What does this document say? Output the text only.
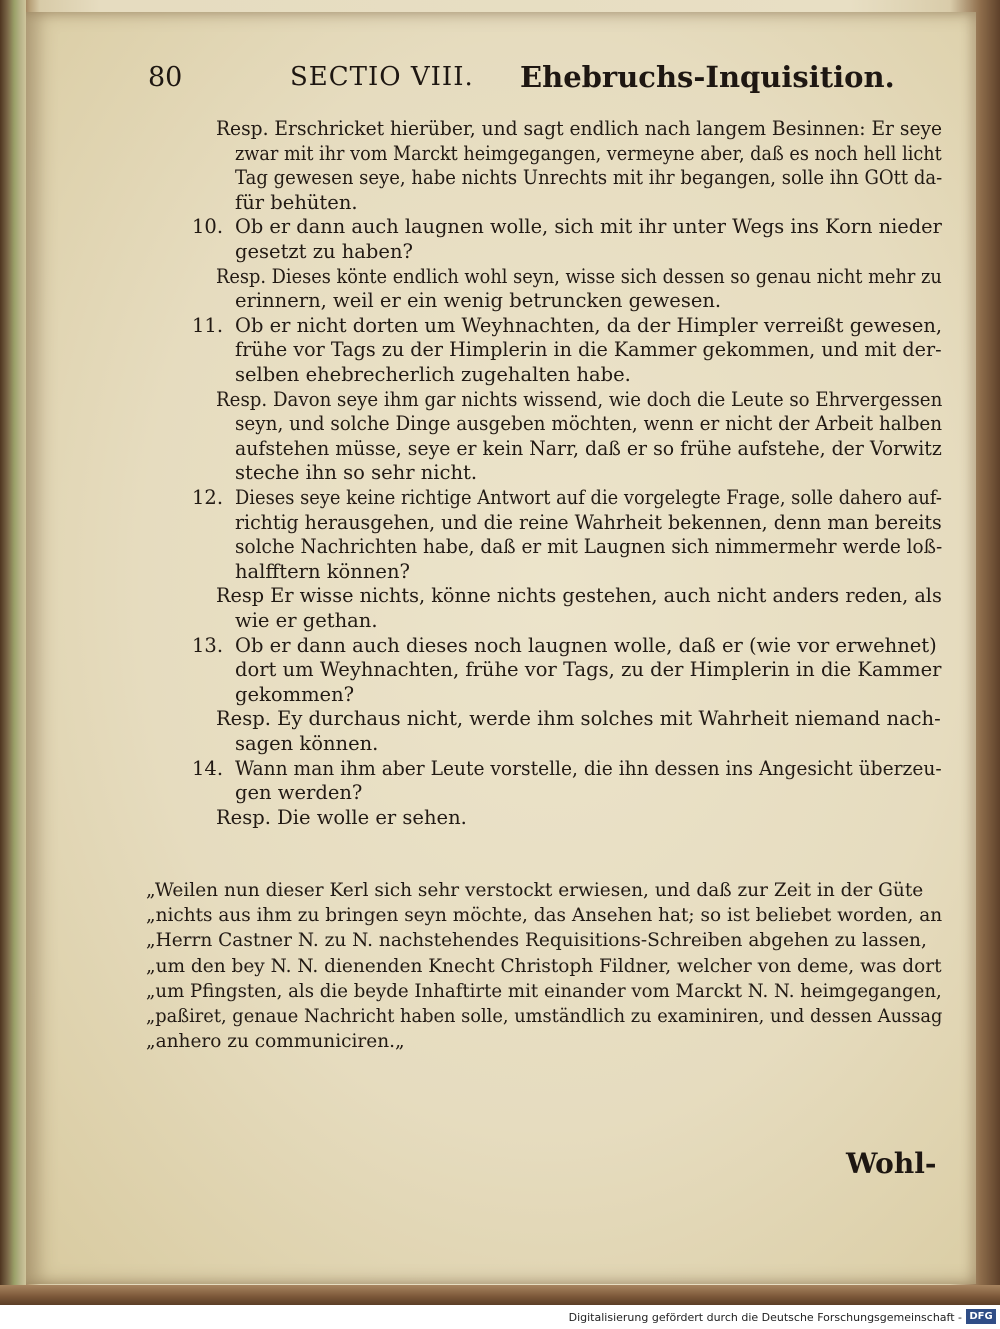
80	SECTIO VIII. Ehebruchs-Inquisition.
Resp. Erschricket hierüber, und sagt endlich nach langem Besinnen: Er seye
zwar mit ihr vom Marckt heimgegangen, vermeyne aber, daß es noch hell licht
Tag gewesen seye, habe nichts Unrechts mit ihr begangen, solle ihn GOtt da-
für behüten.
10. Ob er dann auch laugnen wolle, sich mit ihr unter Wegs ins Korn nieder
gesetzt zu haben?
Resp. Dieses könte endlich wohl seyn, wisse sich dessen so genau nicht mehr zu
erinnern, weil er ein wenig betruncken gewesen.
11. Ob er nicht dorten um Weyhnachten, da der Himpler verreißt gewesen,
frühe vor Tags zu der Himplerin in die Kammer gekommen, und mit der-
selben ehebrecherlich zugehalten habe.
Resp. Davon seye ihm gar nichts wissend, wie doch die Leute so Ehrvergessen
seyn, und solche Dinge ausgeben möchten, wenn er nicht der Arbeit halben
aufstehen müsse, seye er kein Narr, daß er so frühe aufstehe, der Vorwitz
steche ihn so sehr nicht.
12. Dieses seye keine richtige Antwort auf die vorgelegte Frage, solle dahero auf-
richtig herausgehen, und die reine Wahrheit bekennen, denn man bereits
solche Nachrichten habe, daß er mit Laugnen sich nimmermehr werde loß-
halfftern können?
Resp Er wisse nichts, könne nichts gestehen, auch nicht anders reden, als
wie er gethan.
13. Ob er dann auch dieses noch laugnen wolle, daß er (wie vor erwehnet)
dort um Weyhnachten, frühe vor Tags, zu der Himplerin in die Kammer
gekommen?
Resp. Ey durchaus nicht, werde ihm solches mit Wahrheit niemand nach-
sagen können.
14. Wann man ihm aber Leute vorstelle, die ihn dessen ins Angesicht überzeu-
gen werden?
Resp. Die wolle er sehen.
„Weilen nun dieser Kerl sich sehr verstockt erwiesen, und daß zur Zeit in der Güte
„nichts aus ihm zu bringen seyn möchte, das Ansehen hat; so ist beliebet worden, an
„Herrn Castner N. zu N. nachstehendes Requisitions-Schreiben abgehen zu lassen,
„um den bey N. N. dienenden Knecht Christoph Fildner, welcher von deme, was dort
„um Pfingsten, als die beyde Inhaftirte mit einander vom Marckt N. N. heimgegangen,
„paßiret, genaue Nachricht haben solle, umständlich zu examiniren, und dessen Aussag
„anhero zu communiciren.„
Wohl-
Digitalisierung gefördert durch die Deutsche Forschungsgemeinschaft - DFG
